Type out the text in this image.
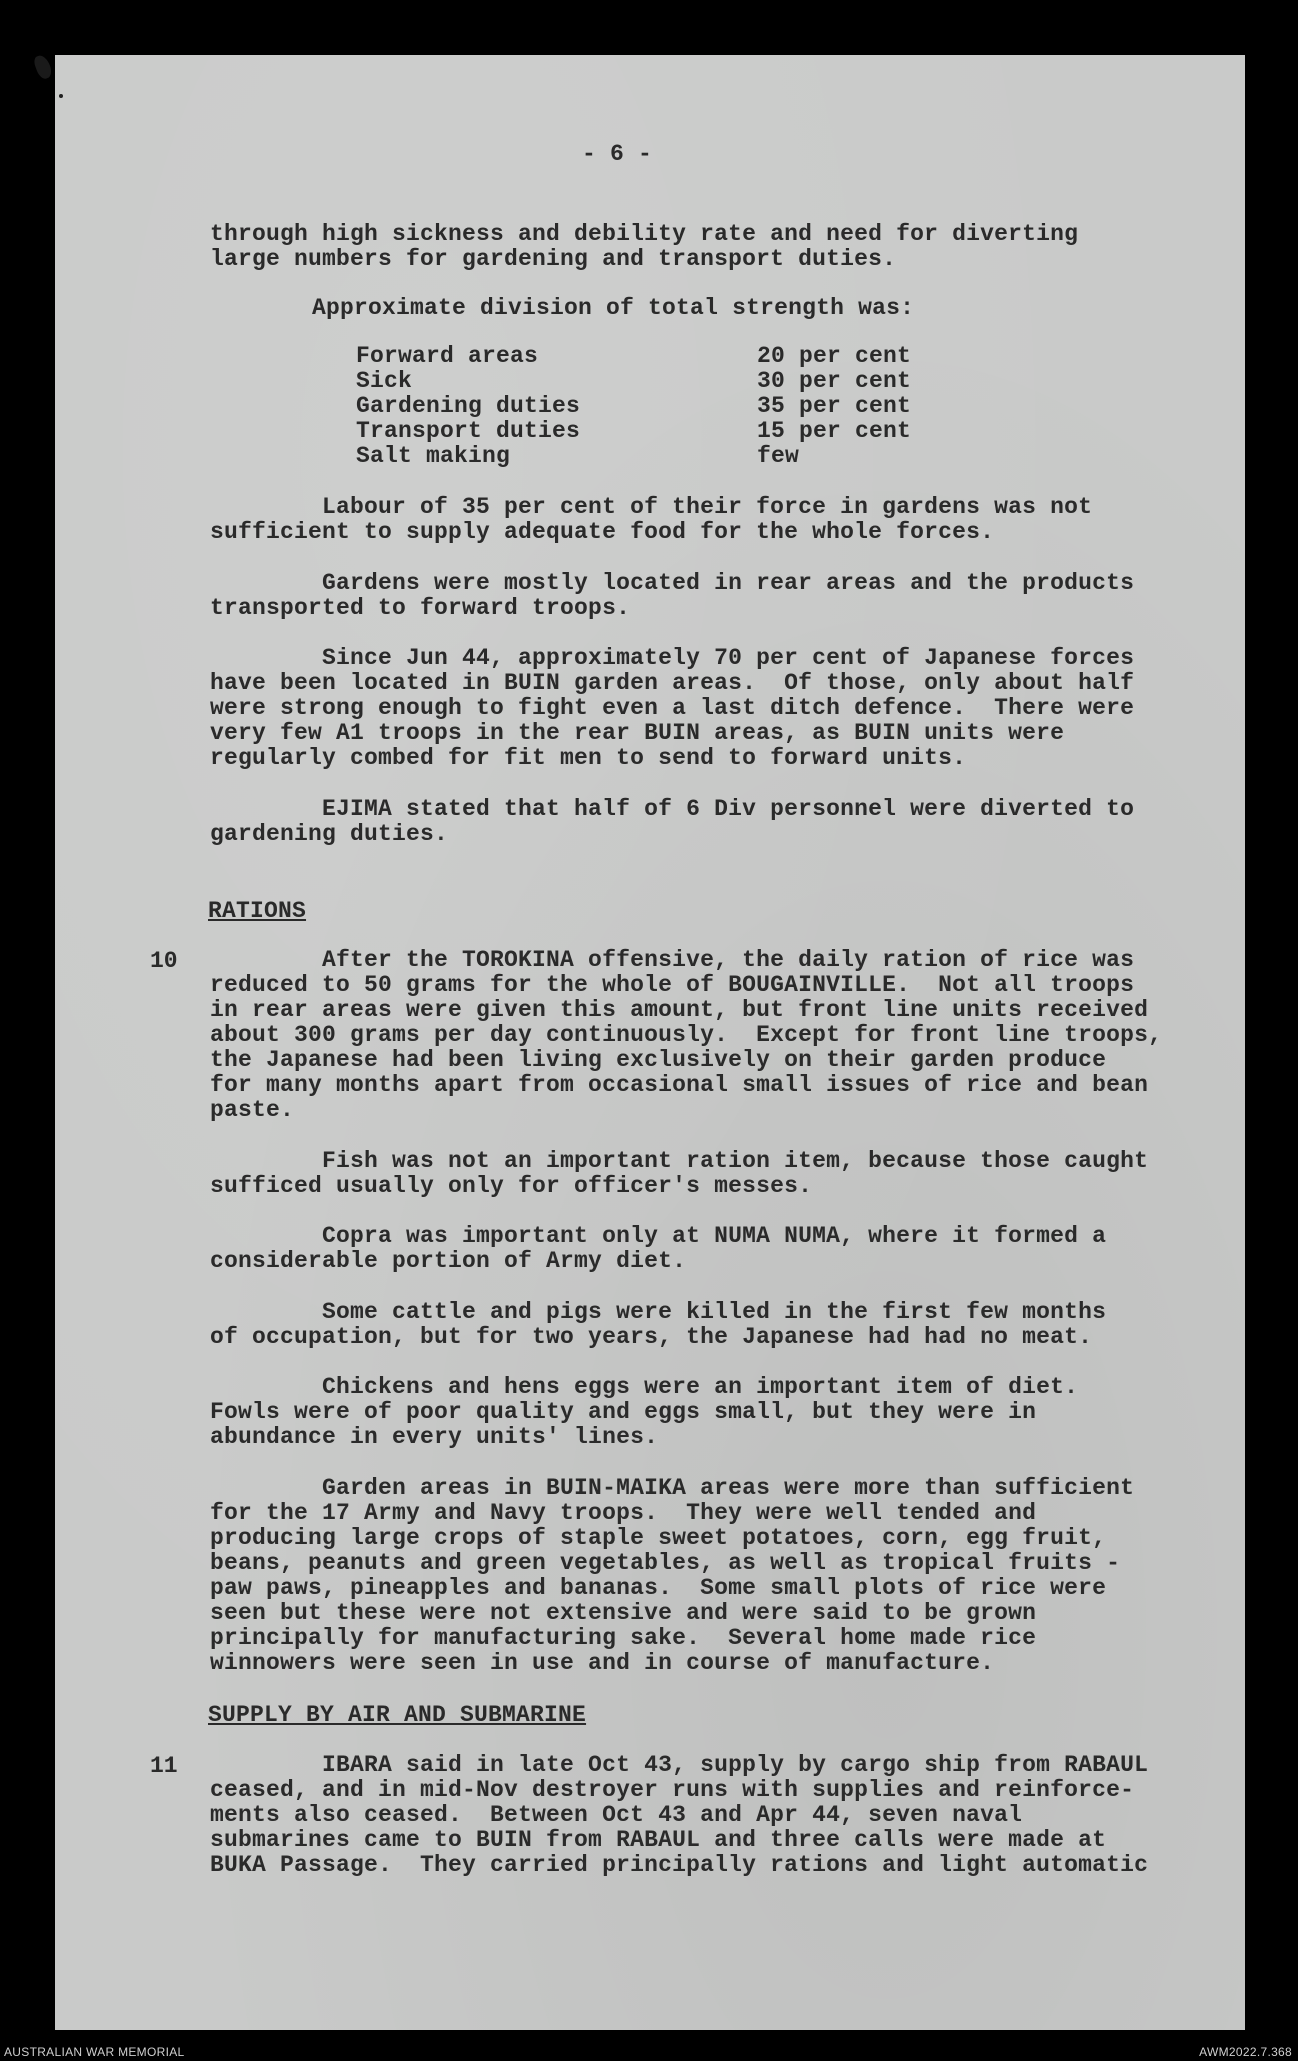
- 6 -
through high sickness and debility rate and need for diverting
large numbers for gardening and transport duties.
Approximate division of total strength was:
Forward areas	20 per cent
Sick	30 per cent
Gardening duties	35 per cent
Transport duties	15 per cent
Salt making	few
Labour of 35 per cent of their force in gardens was not
sufficient to supply adequate food for the whole forces.
Gardens were mostly located in rear areas and the products
transported to forward troops.
Since Jun 44, approximately 70 per cent of Japanese forces
have been located in BUIN garden areas.  Of those, only about half
were strong enough to fight even a last ditch defence.  There were
very few A1 troops in the rear BUIN areas, as BUIN units were
regularly combed for fit men to send to forward units.
EJIMA stated that half of 6 Div personnel were diverted to
gardening duties.
RATIONS
10	After the TOROKINA offensive, the daily ration of rice was
reduced to 50 grams for the whole of BOUGAINVILLE.  Not all troops
in rear areas were given this amount, but front line units received
about 300 grams per day continuously.  Except for front line troops,
the Japanese had been living exclusively on their garden produce
for many months apart from occasional small issues of rice and bean
paste.
Fish was not an important ration item, because those caught
sufficed usually only for officer's messes.
Copra was important only at NUMA NUMA, where it formed a
considerable portion of Army diet.
Some cattle and pigs were killed in the first few months
of occupation, but for two years, the Japanese had had no meat.
Chickens and hens eggs were an important item of diet.
Fowls were of poor quality and eggs small, but they were in
abundance in every units' lines.
Garden areas in BUIN-MAIKA areas were more than sufficient
for the 17 Army and Navy troops.  They were well tended and
producing large crops of staple sweet potatoes, corn, egg fruit,
beans, peanuts and green vegetables, as well as tropical fruits -
paw paws, pineapples and bananas.  Some small plots of rice were
seen but these were not extensive and were said to be grown
principally for manufacturing sake.  Several home made rice
winnowers were seen in use and in course of manufacture.
SUPPLY BY AIR AND SUBMARINE
11	IBARA said in late Oct 43, supply by cargo ship from RABAUL
ceased, and in mid-Nov destroyer runs with supplies and reinforce-
ments also ceased.  Between Oct 43 and Apr 44, seven naval
submarines came to BUIN from RABAUL and three calls were made at
BUKA Passage.  They carried principally rations and light automatic
AUSTRALIAN WAR MEMORIAL	AWM2022.7.368
